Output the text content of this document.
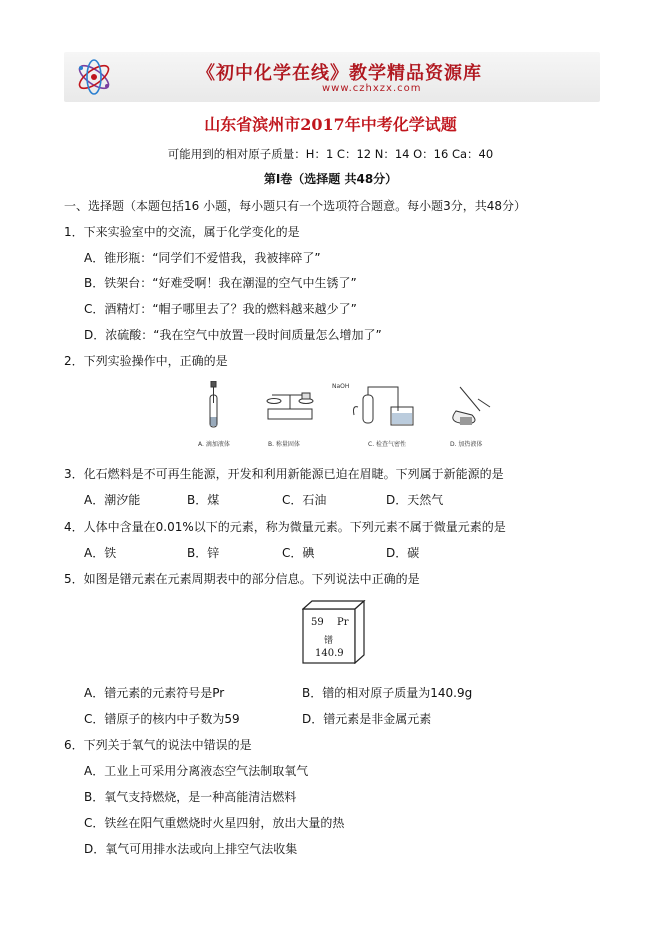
《初中化学在线》教学精品资源库
www.czhxzx.com
山东省滨州市2017年中考化学试题
可能用到的相对原子质量：H：1 C：12 N：14 O：16 Ca：40
第Ⅰ卷（选择题 共48分）
一、选择题（本题包括16 小题，每小题只有一个选项符合题意。每小题3分，共48分）
1．下来实验室中的交流，属于化学变化的是
A．锥形瓶：“同学们不爱惜我，我被摔碎了”
B．铁架台：“好难受啊！我在潮湿的空气中生锈了”
C．酒精灯：“帽子哪里去了？我的燃料越来越少了”
D．浓硫酸：“我在空气中放置一段时间质量怎么增加了”
2．下列实验操作中，正确的是
A. 滴加液体	B. 称量固体	C. 检查气密性	D. 加热液体
NaOH
3．化石燃料是不可再生能源，开发和利用新能源已迫在眉睫。下列属于新能源的是
A．潮汐能	B．煤	C．石油	D．天然气
4．人体中含量在0.01%以下的元素，称为微量元素。下列元素不属于微量元素的是
A．铁	B．锌	C．碘	D．碳
5．如图是镨元素在元素周期表中的部分信息。下列说法中正确的是
59 Pr
镨
140.9
A．镨元素的元素符号是Pr	B．镨的相对原子质量为140.9g
C．镨原子的核内中子数为59	D．镨元素是非金属元素
6．下列关于氧气的说法中错误的是
A．工业上可采用分离液态空气法制取氧气
B．氧气支持燃烧，是一种高能清洁燃料
C．铁丝在阳气重燃烧时火星四射，放出大量的热
D．氧气可用排水法或向上排空气法收集
